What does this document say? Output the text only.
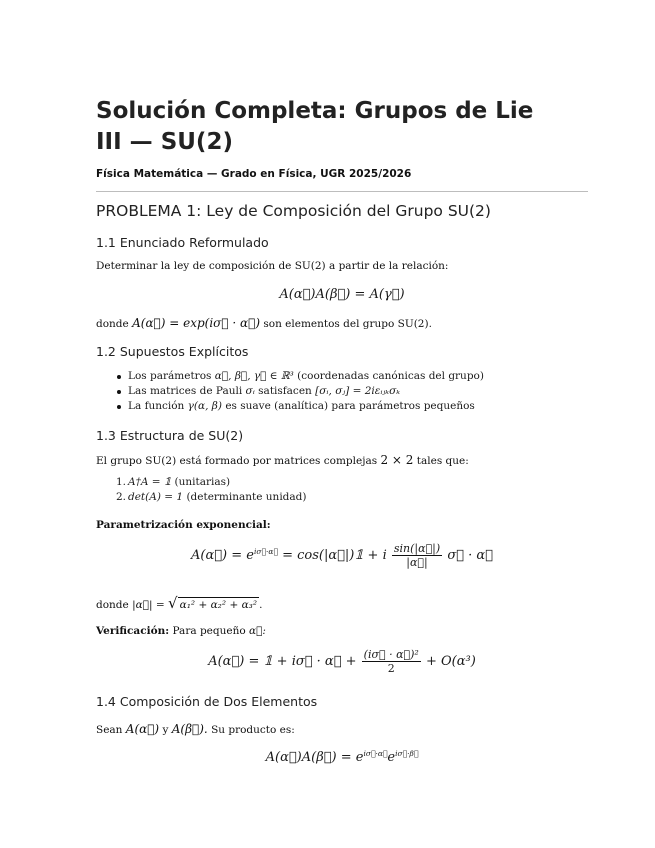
Solución Completa: Grupos de Lie III — SU(2)
Física Matemática — Grado en Física, UGR 2025/2026
PROBLEMA 1: Ley de Composición del Grupo SU(2)
1.1 Enunciado Reformulado
Determinar la ley de composición de SU(2) a partir de la relación:
A(α⃗)A(β⃗) = A(γ⃗)
donde A(α⃗) = exp(iσ⃗ · α⃗) son elementos del grupo SU(2).
1.2 Supuestos Explícitos
Los parámetros α⃗, β⃗, γ⃗ ∈ ℝ³ (coordenadas canónicas del grupo)
Las matrices de Pauli σᵢ satisfacen [σᵢ, σⱼ] = 2iεᵢⱼₖσₖ
La función γ(α, β) es suave (analítica) para parámetros pequeños
1.3 Estructura de SU(2)
El grupo SU(2) está formado por matrices complejas 2 × 2 tales que:
1. A†A = 𝟙 (unitarias)
2. det(A) = 1 (determinante unidad)
Parametrización exponencial:
A(α⃗) = $e^{i\sigma⃗\cdot\alpha⃗}$ = cos(|α⃗|)𝟙 + i $\frac{\sin(|\alpha⃗|)}{|\alpha⃗|}$ σ⃗ · α⃗
donde |α⃗| = √ α₁² + α₂² + α₃² .
Verificación: Para pequeño α⃗:
A(α⃗) = 𝟙 + iσ⃗ · α⃗ + $\frac{\text{(iσ⃗ · α⃗)²}}{2} + O(\alpha^3)$
1.4 Composición de Dos Elementos
Sean A(α⃗) y A(β⃗). Su producto es:
A(α⃗)A(β⃗) = $e^{i\sigma⃗\cdot\alpha⃗}e^{i\sigma⃗\cdot\beta⃗}$
